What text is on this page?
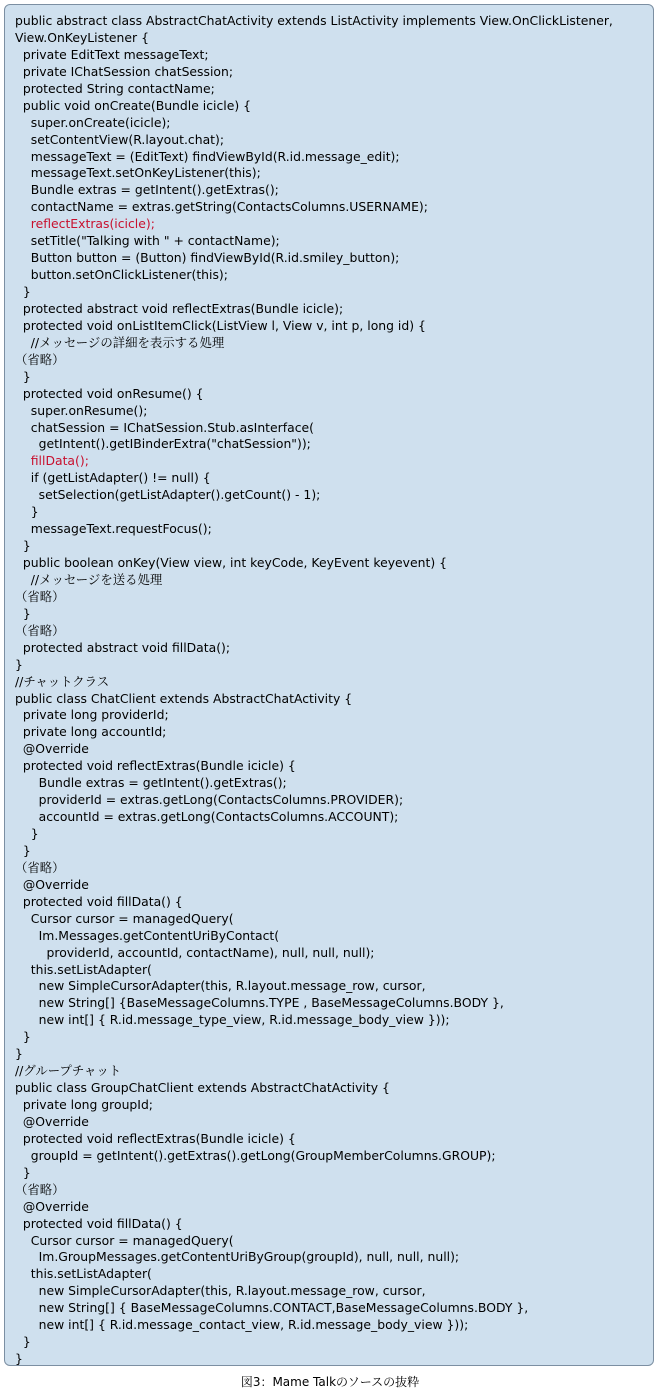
public abstract class AbstractChatActivity extends ListActivity implements View.OnClickListener,
View.OnKeyListener {
private EditText messageText;
private IChatSession chatSession;
protected String contactName;
public void onCreate(Bundle icicle) {
super.onCreate(icicle);
setContentView(R.layout.chat);
messageText = (EditText) findViewById(R.id.message_edit);
messageText.setOnKeyListener(this);
Bundle extras = getIntent().getExtras();
contactName = extras.getString(ContactsColumns.USERNAME);
reflectExtras(icicle);
setTitle("Talking with " + contactName);
Button button = (Button) findViewById(R.id.smiley_button);
button.setOnClickListener(this);
}
protected abstract void reflectExtras(Bundle icicle);
protected void onListItemClick(ListView l, View v, int p, long id) {
//メッセージの詳細を表示する処理
（省略）
}
protected void onResume() {
super.onResume();
chatSession = IChatSession.Stub.asInterface(
getIntent().getIBinderExtra("chatSession"));
fillData();
if (getListAdapter() != null) {
setSelection(getListAdapter().getCount() - 1);
}
messageText.requestFocus();
}
public boolean onKey(View view, int keyCode, KeyEvent keyevent) {
//メッセージを送る処理
（省略）
}
（省略）
protected abstract void fillData();
}
//チャットクラス
public class ChatClient extends AbstractChatActivity {
private long providerId;
private long accountId;
@Override
protected void reflectExtras(Bundle icicle) {
Bundle extras = getIntent().getExtras();
providerId = extras.getLong(ContactsColumns.PROVIDER);
accountId = extras.getLong(ContactsColumns.ACCOUNT);
}
}
（省略）
@Override
protected void fillData() {
Cursor cursor = managedQuery(
Im.Messages.getContentUriByContact(
providerId, accountId, contactName), null, null, null);
this.setListAdapter(
new SimpleCursorAdapter(this, R.layout.message_row, cursor,
new String[] {BaseMessageColumns.TYPE , BaseMessageColumns.BODY },
new int[] { R.id.message_type_view, R.id.message_body_view }));
}
}
//グループチャット
public class GroupChatClient extends AbstractChatActivity {
private long groupId;
@Override
protected void reflectExtras(Bundle icicle) {
groupId = getIntent().getExtras().getLong(GroupMemberColumns.GROUP);
}
（省略）
@Override
protected void fillData() {
Cursor cursor = managedQuery(
Im.GroupMessages.getContentUriByGroup(groupId), null, null, null);
this.setListAdapter(
new SimpleCursorAdapter(this, R.layout.message_row, cursor,
new String[] { BaseMessageColumns.CONTACT,BaseMessageColumns.BODY },
new int[] { R.id.message_contact_view, R.id.message_body_view }));
}
}
図3：Mame Talkのソースの抜粋
